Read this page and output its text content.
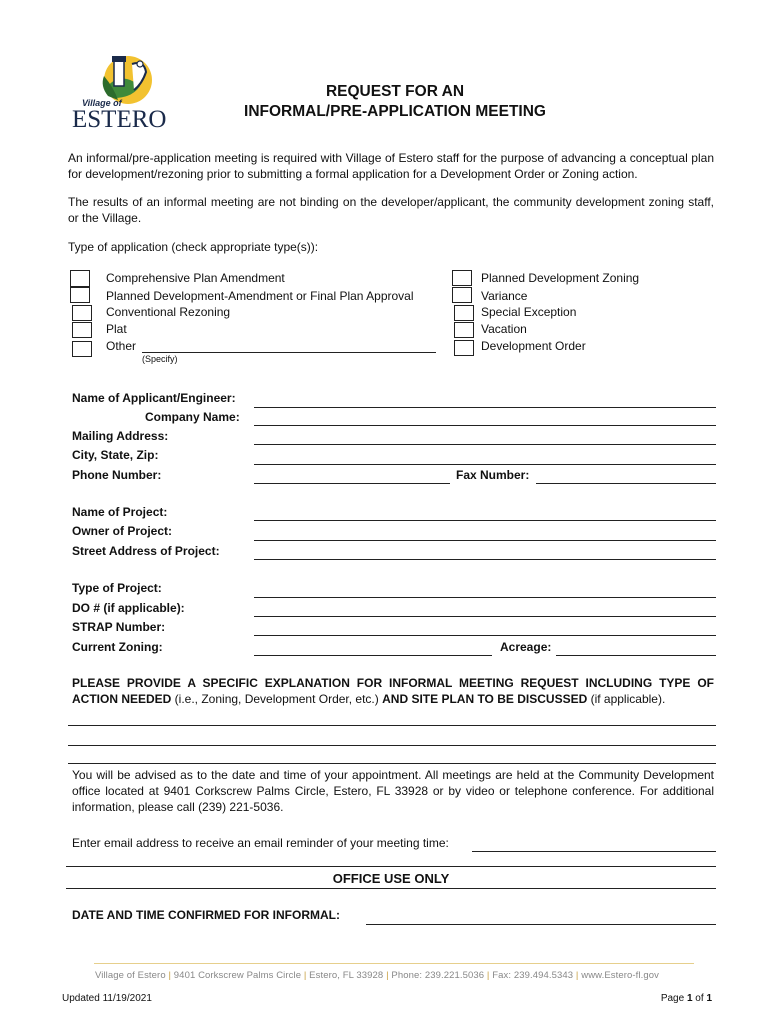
Village of
ESTERO
REQUEST FOR AN
INFORMAL/PRE-APPLICATION MEETING
An informal/pre-application meeting is required with Village of Estero staff for the purpose of advancing a conceptual plan for development/rezoning prior to submitting a formal application for a Development Order or Zoning action.
The results of an informal meeting are not binding on the developer/applicant, the community development zoning staff, or the Village.
Type of application (check appropriate type(s)):
Comprehensive Plan Amendment
Planned Development-Amendment or Final Plan Approval
Conventional Rezoning
Plat
Other
(Specify)
Planned Development Zoning
Variance
Special Exception
Vacation
Development Order
Name of Applicant/Engineer:
Company Name:
Mailing Address:
City, State, Zip:
Phone Number:	Fax Number:
Name of Project:
Owner of Project:
Street Address of Project:
Type of Project:
DO # (if applicable):
STRAP Number:
Current Zoning:	Acreage:
PLEASE PROVIDE A SPECIFIC EXPLANATION FOR INFORMAL MEETING REQUEST INCLUDING TYPE OF ACTION NEEDED (i.e., Zoning, Development Order, etc.) AND SITE PLAN TO BE DISCUSSED (if applicable).
You will be advised as to the date and time of your appointment. All meetings are held at the Community Development office located at 9401 Corkscrew Palms Circle, Estero, FL 33928 or by video or telephone conference. For additional information, please call (239) 221-5036.
Enter email address to receive an email reminder of your meeting time:
OFFICE USE ONLY
DATE AND TIME CONFIRMED FOR INFORMAL:
Village of Estero | 9401 Corkscrew Palms Circle | Estero, FL 33928 | Phone: 239.221.5036 | Fax: 239.494.5343 | www.Estero-fl.gov
Updated 11/19/2021	Page 1 of 1
